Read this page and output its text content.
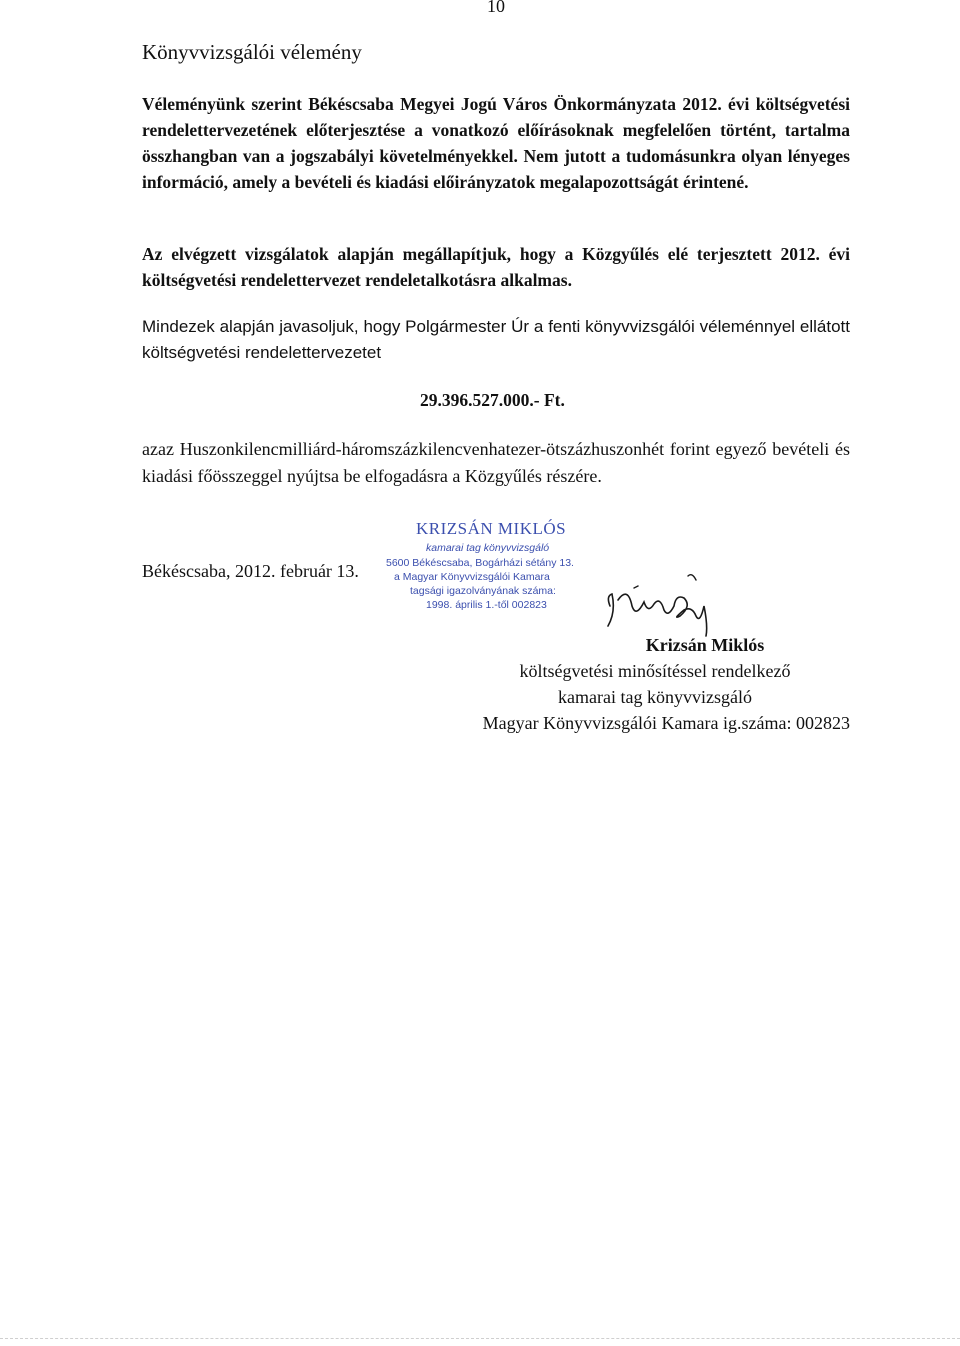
10
Könyvvizsgálói vélemény

Véleményünk szerint Békéscsaba Megyei Jogú Város Önkormányzata 2012. évi költségvetési rendelettervezetének előterjesztése a vonatkozó előírásoknak megfelelően történt, tartalma összhangban van a jogszabályi követelményekkel. Nem jutott a tudomásunkra olyan lényeges információ, amely a bevételi és kiadási előirányzatok megalapozottságát érintené.

Az elvégzett vizsgálatok alapján megállapítjuk, hogy a Közgyűlés elé terjesztett 2012. évi költségvetési rendelettervezet rendeletalkotásra alkalmas.

Mindezek alapján javasoljuk, hogy Polgármester Úr a fenti könyvvizsgálói véleménnyel ellátott költségvetési rendelettervezetet

29.396.527.000.- Ft.

azaz Huszonkilencmilliárd-háromszázkilencvenhatezer-ötszázhuszonhét forint egyező bevételi és kiadási főösszeggel nyújtsa be elfogadásra a Közgyűlés részére.

Békéscsaba, 2012. február 13.
KRIZSÁN MIKLÓS
kamarai tag könyvvizsgáló
5600 Békéscsaba, Bogárházi sétány 13.
a Magyar Könyvvizsgálói Kamara
tagsági igazolványának száma:
1998. április 1.-től 002823
Krizsán Miklós
költségvetési minősítéssel rendelkező
kamarai tag könyvvizsgáló
Magyar Könyvvizsgálói Kamara ig.száma: 002823
